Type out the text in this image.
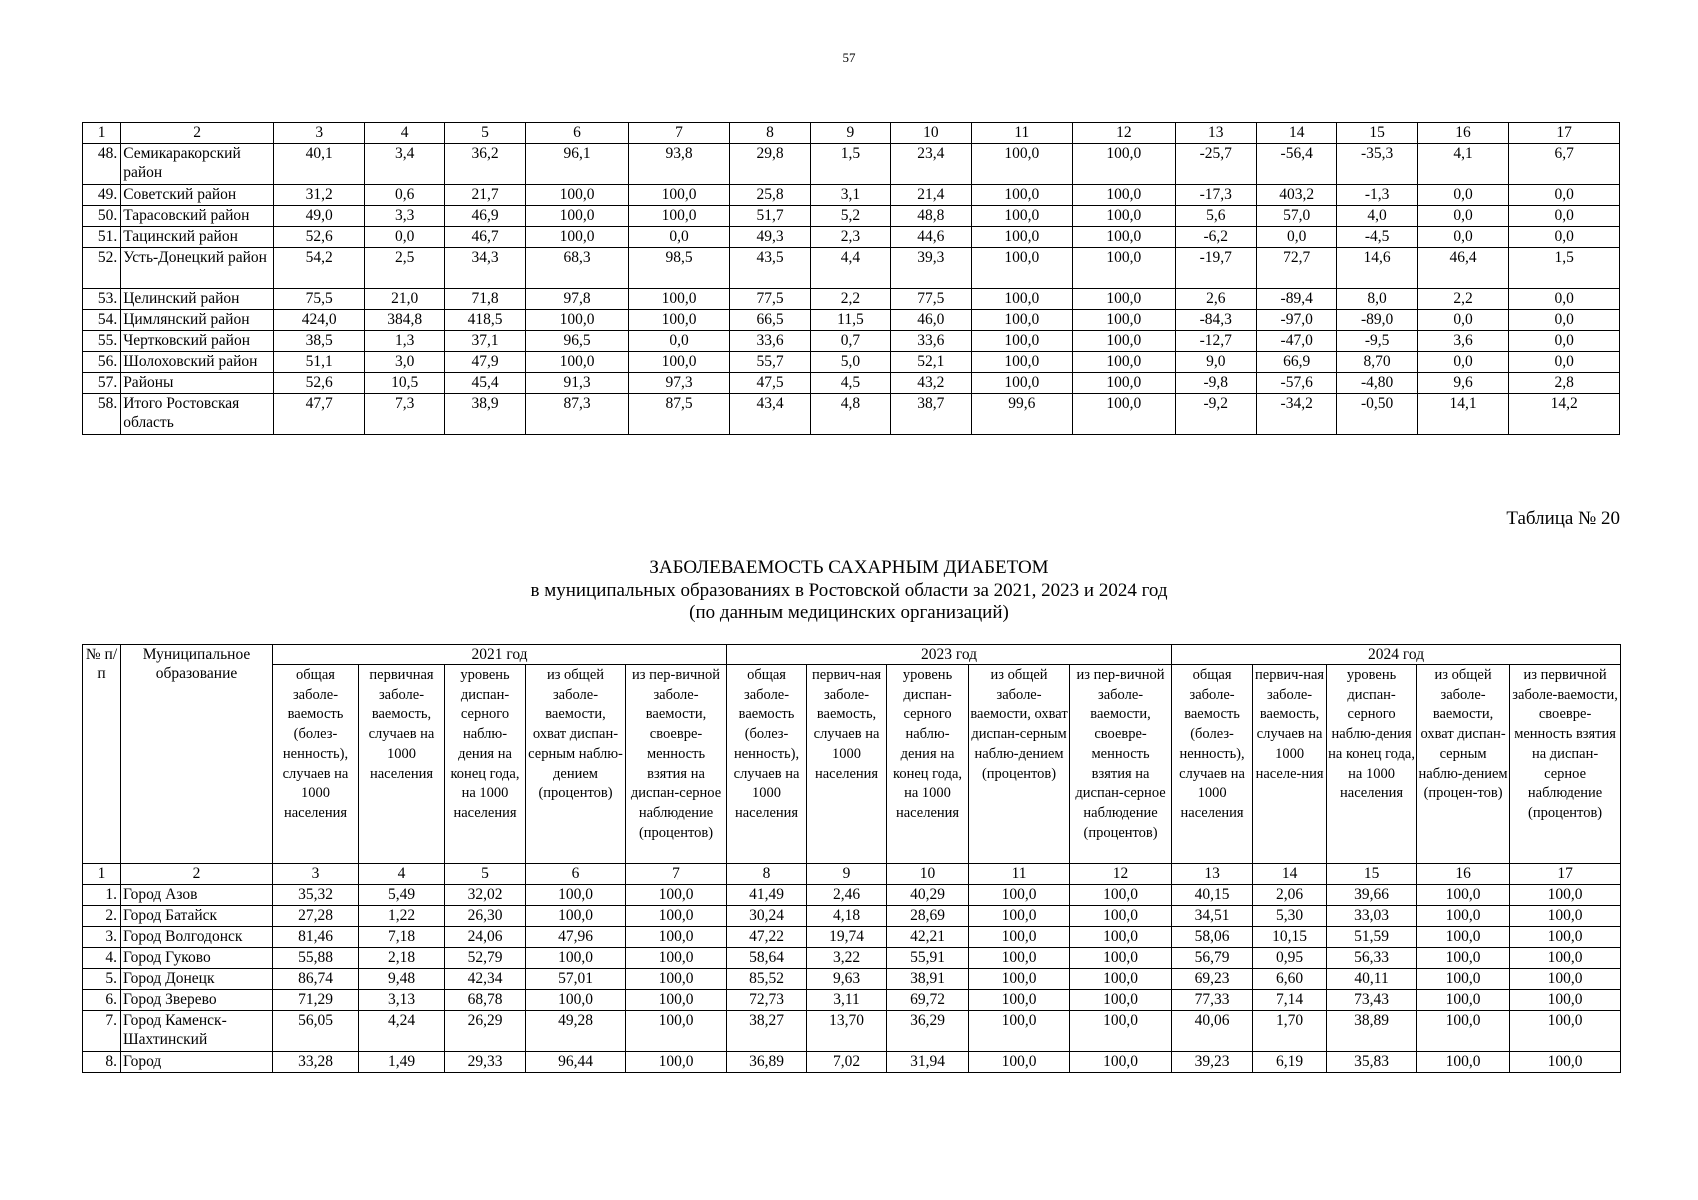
57
1	2	3	4	5	6	7	8	9	10	11	12	13	14	15	16	17
48.	Семикаракорский район	40,1	3,4	36,2	96,1	93,8	29,8	1,5	23,4	100,0	100,0	-25,7	-56,4	-35,3	4,1	6,7
49.	Советский район	31,2	0,6	21,7	100,0	100,0	25,8	3,1	21,4	100,0	100,0	-17,3	403,2	-1,3	0,0	0,0
50.	Тарасовский район	49,0	3,3	46,9	100,0	100,0	51,7	5,2	48,8	100,0	100,0	5,6	57,0	4,0	0,0	0,0
51.	Тацинский район	52,6	0,0	46,7	100,0	0,0	49,3	2,3	44,6	100,0	100,0	-6,2	0,0	-4,5	0,0	0,0
52.	Усть-Донецкий район	54,2	2,5	34,3	68,3	98,5	43,5	4,4	39,3	100,0	100,0	-19,7	72,7	14,6	46,4	1,5
53.	Целинский район	75,5	21,0	71,8	97,8	100,0	77,5	2,2	77,5	100,0	100,0	2,6	-89,4	8,0	2,2	0,0
54.	Цимлянский район	424,0	384,8	418,5	100,0	100,0	66,5	11,5	46,0	100,0	100,0	-84,3	-97,0	-89,0	0,0	0,0
55.	Чертковский район	38,5	1,3	37,1	96,5	0,0	33,6	0,7	33,6	100,0	100,0	-12,7	-47,0	-9,5	3,6	0,0
56.	Шолоховский район	51,1	3,0	47,9	100,0	100,0	55,7	5,0	52,1	100,0	100,0	9,0	66,9	8,70	0,0	0,0
57.	Районы	52,6	10,5	45,4	91,3	97,3	47,5	4,5	43,2	100,0	100,0	-9,8	-57,6	-4,80	9,6	2,8
58.	Итого Ростовская область	47,7	7,3	38,9	87,3	87,5	43,4	4,8	38,7	99,6	100,0	-9,2	-34,2	-0,50	14,1	14,2
Таблица № 20
ЗАБОЛЕВАЕМОСТЬ САХАРНЫМ ДИАБЕТОМ
в муниципальных образованиях в Ростовской области за 2021, 2023 и 2024 год
(по данным медицинских организаций)
№ п/п	Муниципальное образование	2021 год					2023 год					2024 год				
		общая заболе-ваемость (болез-ненность), случаев на 1000 населения	первичная заболе-ваемость, случаев на 1000 населения	уровень диспан-серного наблю-дения на конец года, на 1000 населения	из общей заболе-ваемости, охват диспан-серным наблю-дением (процентов)	из пер-вичной заболе-ваемости, своевре-менность взятия на диспан-серное наблюдение (процентов)	общая заболе-ваемость (болез-ненность), случаев на 1000 населения	первич-ная заболе-ваемость, случаев на 1000 населения	уровень диспан-серного наблю-дения на конец года, на 1000 населения	из общей заболе-ваемости, охват диспан-серным наблю-дением (процентов)	из пер-вичной заболе-ваемости, своевре-менность взятия на диспан-серное наблюдение (процентов)	общая заболе-ваемость (болез-ненность), случаев на 1000 населения	первич-ная заболе-ваемость, случаев на 1000 населе-ния	уровень диспан-серного наблю-дения на конец года, на 1000 населения	из общей заболе-ваемости, охват диспан-серным наблю-дением (процен-тов)	из первичной заболе-ваемости, своевре-менность взятия на диспан-серное наблюдение (процентов)
1	2	3	4	5	6	7	8	9	10	11	12	13	14	15	16	17
1.	Город Азов	35,32	5,49	32,02	100,0	100,0	41,49	2,46	40,29	100,0	100,0	40,15	2,06	39,66	100,0	100,0
2.	Город Батайск	27,28	1,22	26,30	100,0	100,0	30,24	4,18	28,69	100,0	100,0	34,51	5,30	33,03	100,0	100,0
3.	Город Волгодонск	81,46	7,18	24,06	47,96	100,0	47,22	19,74	42,21	100,0	100,0	58,06	10,15	51,59	100,0	100,0
4.	Город Гуково	55,88	2,18	52,79	100,0	100,0	58,64	3,22	55,91	100,0	100,0	56,79	0,95	56,33	100,0	100,0
5.	Город Донецк	86,74	9,48	42,34	57,01	100,0	85,52	9,63	38,91	100,0	100,0	69,23	6,60	40,11	100,0	100,0
6.	Город Зверево	71,29	3,13	68,78	100,0	100,0	72,73	3,11	69,72	100,0	100,0	77,33	7,14	73,43	100,0	100,0
7.	Город Каменск-Шахтинский	56,05	4,24	26,29	49,28	100,0	38,27	13,70	36,29	100,0	100,0	40,06	1,70	38,89	100,0	100,0
8.	Город	33,28	1,49	29,33	96,44	100,0	36,89	7,02	31,94	100,0	100,0	39,23	6,19	35,83	100,0	100,0
